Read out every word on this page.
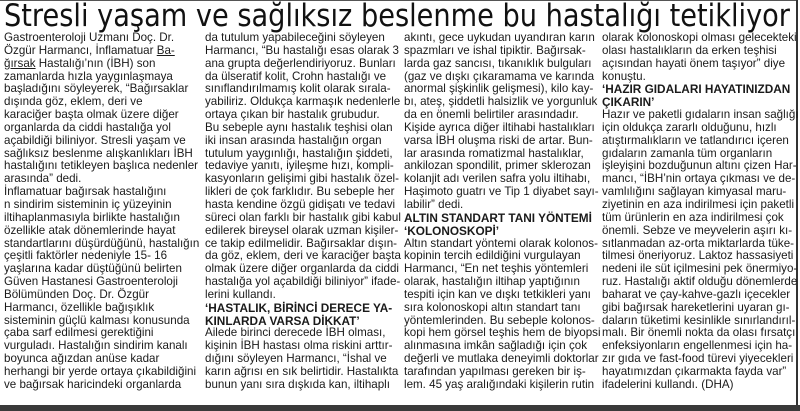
Stresli yaşam ve sağlıksız beslenme bu hastalığı tetikliyor
Gastroenteroloji Uzmanı Doç. Dr.
Özgür Harmancı, İnflamatuar Ba-
ğırsak Hastalığı’nın (İBH) son
zamanlarda hızla yaygınlaşmaya
başladığını söyleyerek, “Bağırsaklar
dışında göz, eklem, deri ve
karaciğer başta olmak üzere diğer
organlarda da ciddi hastalığa yol
açabildiği biliniyor. Stresli yaşam ve
sağlıksız beslenme alışkanlıkları İBH
hastalığını tetikleyen başlıca nedenler
arasında” dedi.
İnflamatuar bağırsak hastalığını
n sindirim sisteminin iç yüzeyinin
iltihaplanmasıyla birlikte hastalığın
özellikle atak dönemlerinde hayat
standartlarını düşürdüğünü, hastalığın
çeşitli faktörler nedeniyle 15- 16
yaşlarına kadar düştüğünü belirten
Güven Hastanesi Gastroenteroloji
Bölümünden Doç. Dr. Özgür
Harmancı, özellikle bağışıklık
sisteminin güçlü kalması konusunda
çaba sarf edilmesi gerektiğini
vurguladı. Hastalığın sindirim kanalı
boyunca ağızdan anüse kadar
herhangi bir yerde ortaya çıkabildiğini
ve bağırsak haricindeki organlarda
da tutulum yapabileceğini söyleyen
Harmancı, “Bu hastalığı esas olarak 3
ana grupta değerlendiriyoruz. Bunları
da ülseratif kolit, Crohn hastalığı ve
sınıflandırılmamış kolit olarak sırala-
yabiliriz. Oldukça karmaşık nedenlerle
ortaya çıkan bir hastalık grubudur.
Bu sebeple aynı hastalık teşhisi olan
iki insan arasında hastalığın organ
tutulum yaygınlığı, hastalığın şiddeti,
tedaviye yanıtı, iyileşme hızı, kompli-
kasyonların gelişimi gibi hastalık özel-
likleri de çok farklıdır. Bu sebeple her
hasta kendine özgü gidişatı ve tedavi
süreci olan farklı bir hastalık gibi kabul
edilerek bireysel olarak uzman kişiler-
ce takip edilmelidir. Bağırsaklar dışın-
da göz, eklem, deri ve karaciğer başta
olmak üzere diğer organlarda da ciddi
hastalığa yol açabildiği biliniyor” ifade-
lerini kullandı.
‘HASTALIK, BİRİNCİ DERECE YA-
KINLARDA VARSA DİKKAT’
Ailede birinci derecede İBH olması,
kişinin İBH hastası olma riskini arttır-
dığını söyleyen Harmancı, “İshal ve
karın ağrısı en sık belirtidir. Hastalıkta
bunun yanı sıra dışkıda kan, iltihaplı
akıntı, gece uykudan uyandıran karın
spazmları ve ishal tipiktir. Bağırsak-
larda gaz sancısı, tıkanıklık bulguları
(gaz ve dışkı çıkaramama ve karında
anormal şişkinlik gelişmesi), kilo kay-
bı, ateş, şiddetli halsizlik ve yorgunluk
da en önemli belirtiler arasındadır.
Kişide ayrıca diğer iltihabi hastalıkları
varsa İBH oluşma riski de artar. Bun-
lar arasında romatizmal hastalıklar,
ankilozan spondilit, primer sklerozan
kolanjit adı verilen safra yolu iltihabı,
Haşimoto guatrı ve Tip 1 diyabet sayı-
labilir” dedi.
ALTIN STANDART TANI YÖNTEMİ
‘KOLONOSKOPİ’
Altın standart yöntemi olarak kolonos-
kopinin tercih edildiğini vurgulayan
Harmancı, “En net teşhis yöntemleri
olarak, hastalığın iltihap yaptığının
tespiti için kan ve dışkı tetkikleri yanı
sıra kolonoskopi altın standart tanı
yöntemlerinden. Bu sebeple kolonos-
kopi hem görsel teşhis hem de biyopsi
alınmasına imkân sağladığı için çok
değerli ve mutlaka deneyimli doktorlar
tarafından yapılması gereken bir iş-
lem. 45 yaş aralığındaki kişilerin rutin
olarak kolonoskopi olması gelecekteki
olası hastalıkların da erken teşhisi
açısından hayati önem taşıyor” diye
konuştu.
‘HAZIR GIDALARI HAYATINIZDAN
ÇIKARIN’
Hazır ve paketli gıdaların insan sağlığı
için oldukça zararlı olduğunu, hızlı
atıştırmalıkların ve tatlandırıcı içeren
gıdaların zamanla tüm organların
işleyişini bozduğunun altını çizen Har-
mancı, “İBH’nin ortaya çıkması ve de-
vamlılığını sağlayan kimyasal maru-
ziyetinin en aza indirilmesi için paketli
tüm ürünlerin en aza indirilmesi çok
önemli. Sebze ve meyvelerin aşırı kı-
sıtlanmadan az-orta miktarlarda tüke-
tilmesi öneriyoruz. Laktoz hassasiyeti
nedeni ile süt içilmesini pek önermiyo-
ruz. Hastalığı aktif olduğu dönemlerde
baharat ve çay-kahve-gazlı içecekler
gibi bağırsak hareketlerini uyaran gı-
daların tüketimi kesinlikle sınırlandırıl-
malı. Bir önemli nokta da olası fırsatçı
enfeksiyonların engellenmesi için ha-
zır gıda ve fast-food türevi yiyecekleri
hayatımızdan çıkarmakta fayda var”
ifadelerini kullandı. (DHA)
